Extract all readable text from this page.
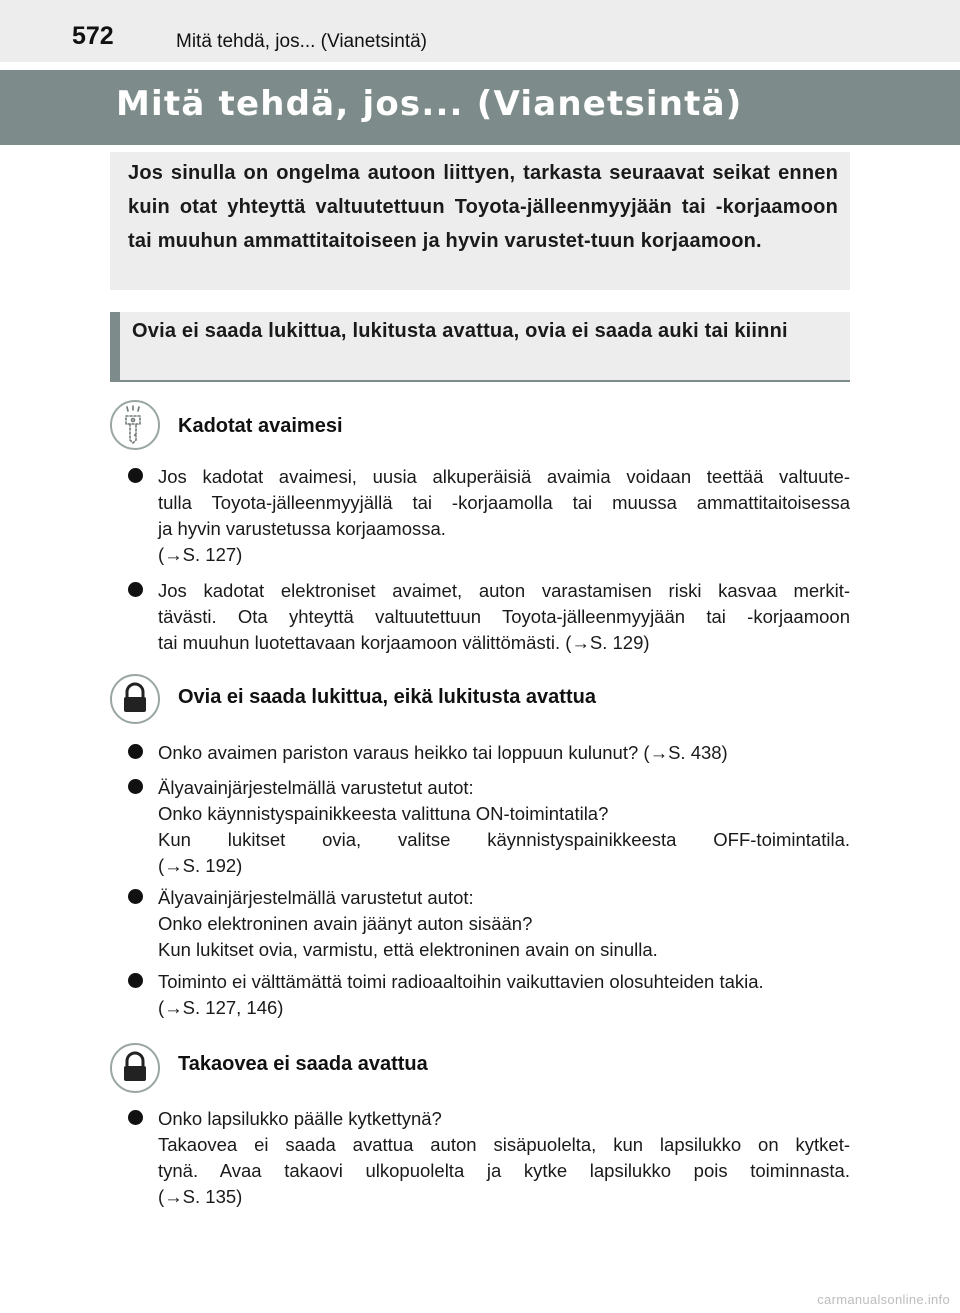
572	Mitä tehdä, jos... (Vianetsintä)
Mitä tehdä, jos... (Vianetsintä)

Jos sinulla on ongelma autoon liittyen, tarkasta seuraavat seikat ennen kuin otat yhteyttä valtuutettuun Toyota-jälleenmyyjään tai -korjaamoon tai muuhun ammattitaitoiseen ja hyvin varustet-tuun korjaamoon.

Ovia ei saada lukittua, lukitusta avattua, ovia ei saada auki tai kiinni

Kadotat avaimesi
Jos kadotat avaimesi, uusia alkuperäisiä avaimia voidaan teettää valtuute-
tulla Toyota-jälleenmyyjällä tai -korjaamolla tai muussa ammattitaitoisessa
ja hyvin varustetussa korjaamossa.
(→S. 127)
Jos kadotat elektroniset avaimet, auton varastamisen riski kasvaa merkit-
tävästi. Ota yhteyttä valtuutettuun Toyota-jälleenmyyjään tai -korjaamoon
tai muuhun luotettavaan korjaamoon välittömästi. (→S. 129)
Ovia ei saada lukittua, eikä lukitusta avattua
Onko avaimen pariston varaus heikko tai loppuun kulunut? (→S. 438)
Älyavainjärjestelmällä varustetut autot:
Onko käynnistyspainikkeesta valittuna ON-toimintatila?
Kun lukitset ovia, valitse käynnistyspainikkeesta OFF-toimintatila.
(→S. 192)
Älyavainjärjestelmällä varustetut autot:
Onko elektroninen avain jäänyt auton sisään?
Kun lukitset ovia, varmistu, että elektroninen avain on sinulla.
Toiminto ei välttämättä toimi radioaaltoihin vaikuttavien olosuhteiden takia.
(→S. 127, 146)
Takaovea ei saada avattua
Onko lapsilukko päälle kytkettynä?
Takaovea ei saada avattua auton sisäpuolelta, kun lapsilukko on kytket-
tynä. Avaa takaovi ulkopuolelta ja kytke lapsilukko pois toiminnasta.
(→S. 135)
carmanualsonline.info
